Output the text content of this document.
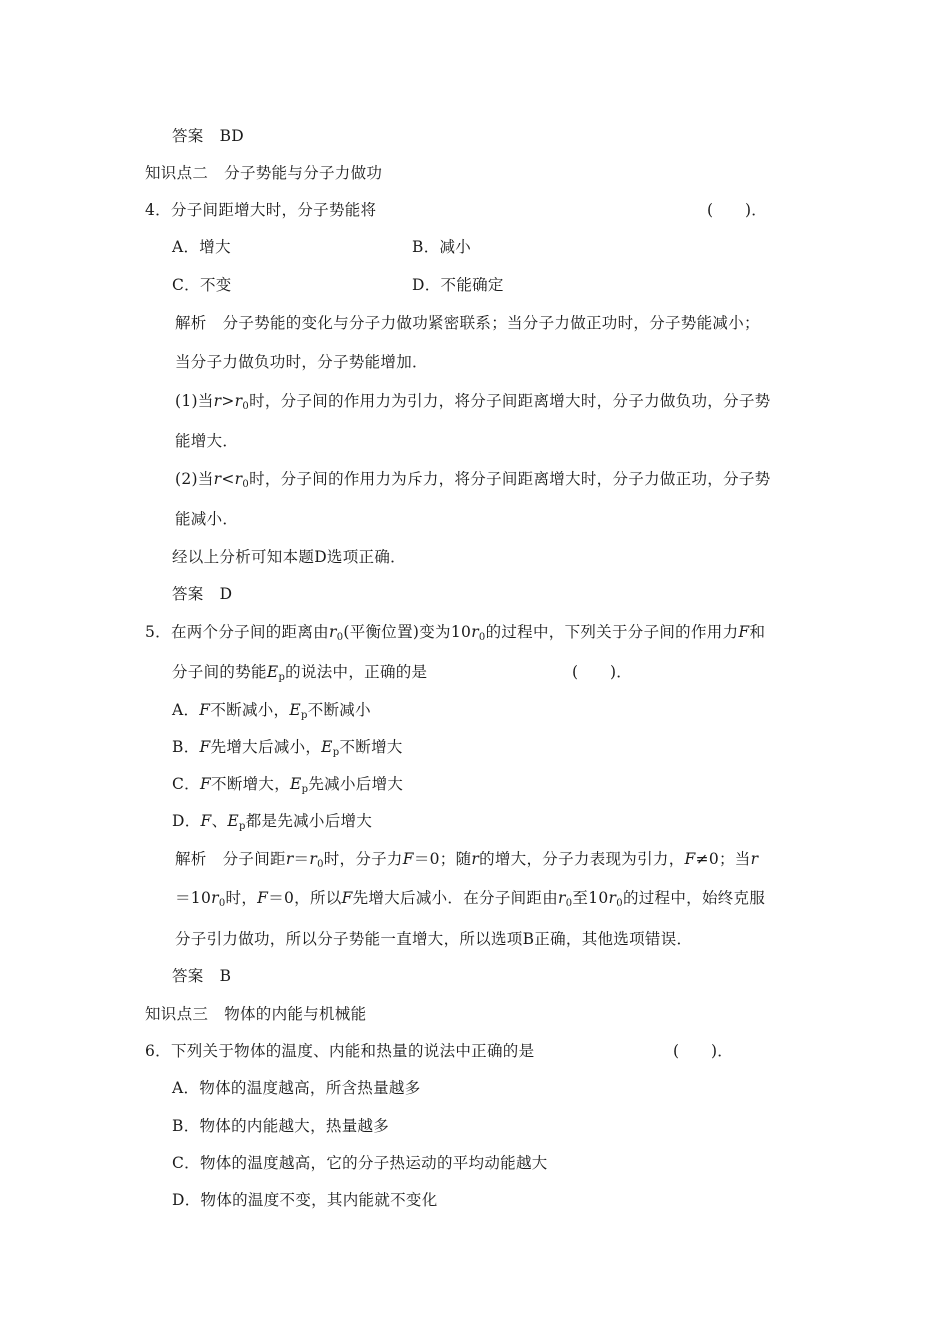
答案 BD
知识点二 分子势能与分子力做功
4．分子间距增大时，分子势能将	(　　)．
A．增大	B．减小
C．不变	D．不能确定
解析 分子势能的变化与分子力做功紧密联系；当分子力做正功时，分子势能减小；
当分子力做负功时，分子势能增加．
(1)当$r>r_0$时，分子间的作用力为引力，将分子间距离增大时，分子力做负功，分子势
能增大．
(2)当$r<r_0$时，分子间的作用力为斥力，将分子间距离增大时，分子力做正功，分子势
能减小．
经以上分析可知本题D选项正确．
答案 D
5．在两个分子间的距离由$r_0$(平衡位置)变为$10r_0$的过程中，下列关于分子间的作用力F和
分子间的势能$E_p$的说法中，正确的是	(　　)．
A．F不断减小，$E_p$不断减小
B．F先增大后减小，$E_p$不断增大
C．F不断增大，$E_p$先减小后增大
D．F、$E_p$都是先减小后增大
解析 分子间距$r=r_0$时，分子力F＝0；随r的增大，分子力表现为引力，F≠0；当r
$=10r_0$时，F＝0，所以F先增大后减小．在分子间距由$r_0$至$10r_0$的过程中，始终克服
分子引力做功，所以分子势能一直增大，所以选项B正确，其他选项错误．
答案 B
知识点三 物体的内能与机械能
6．下列关于物体的温度、内能和热量的说法中正确的是	(　　)．
A．物体的温度越高，所含热量越多
B．物体的内能越大，热量越多
C．物体的温度越高，它的分子热运动的平均动能越大
D．物体的温度不变，其内能就不变化
